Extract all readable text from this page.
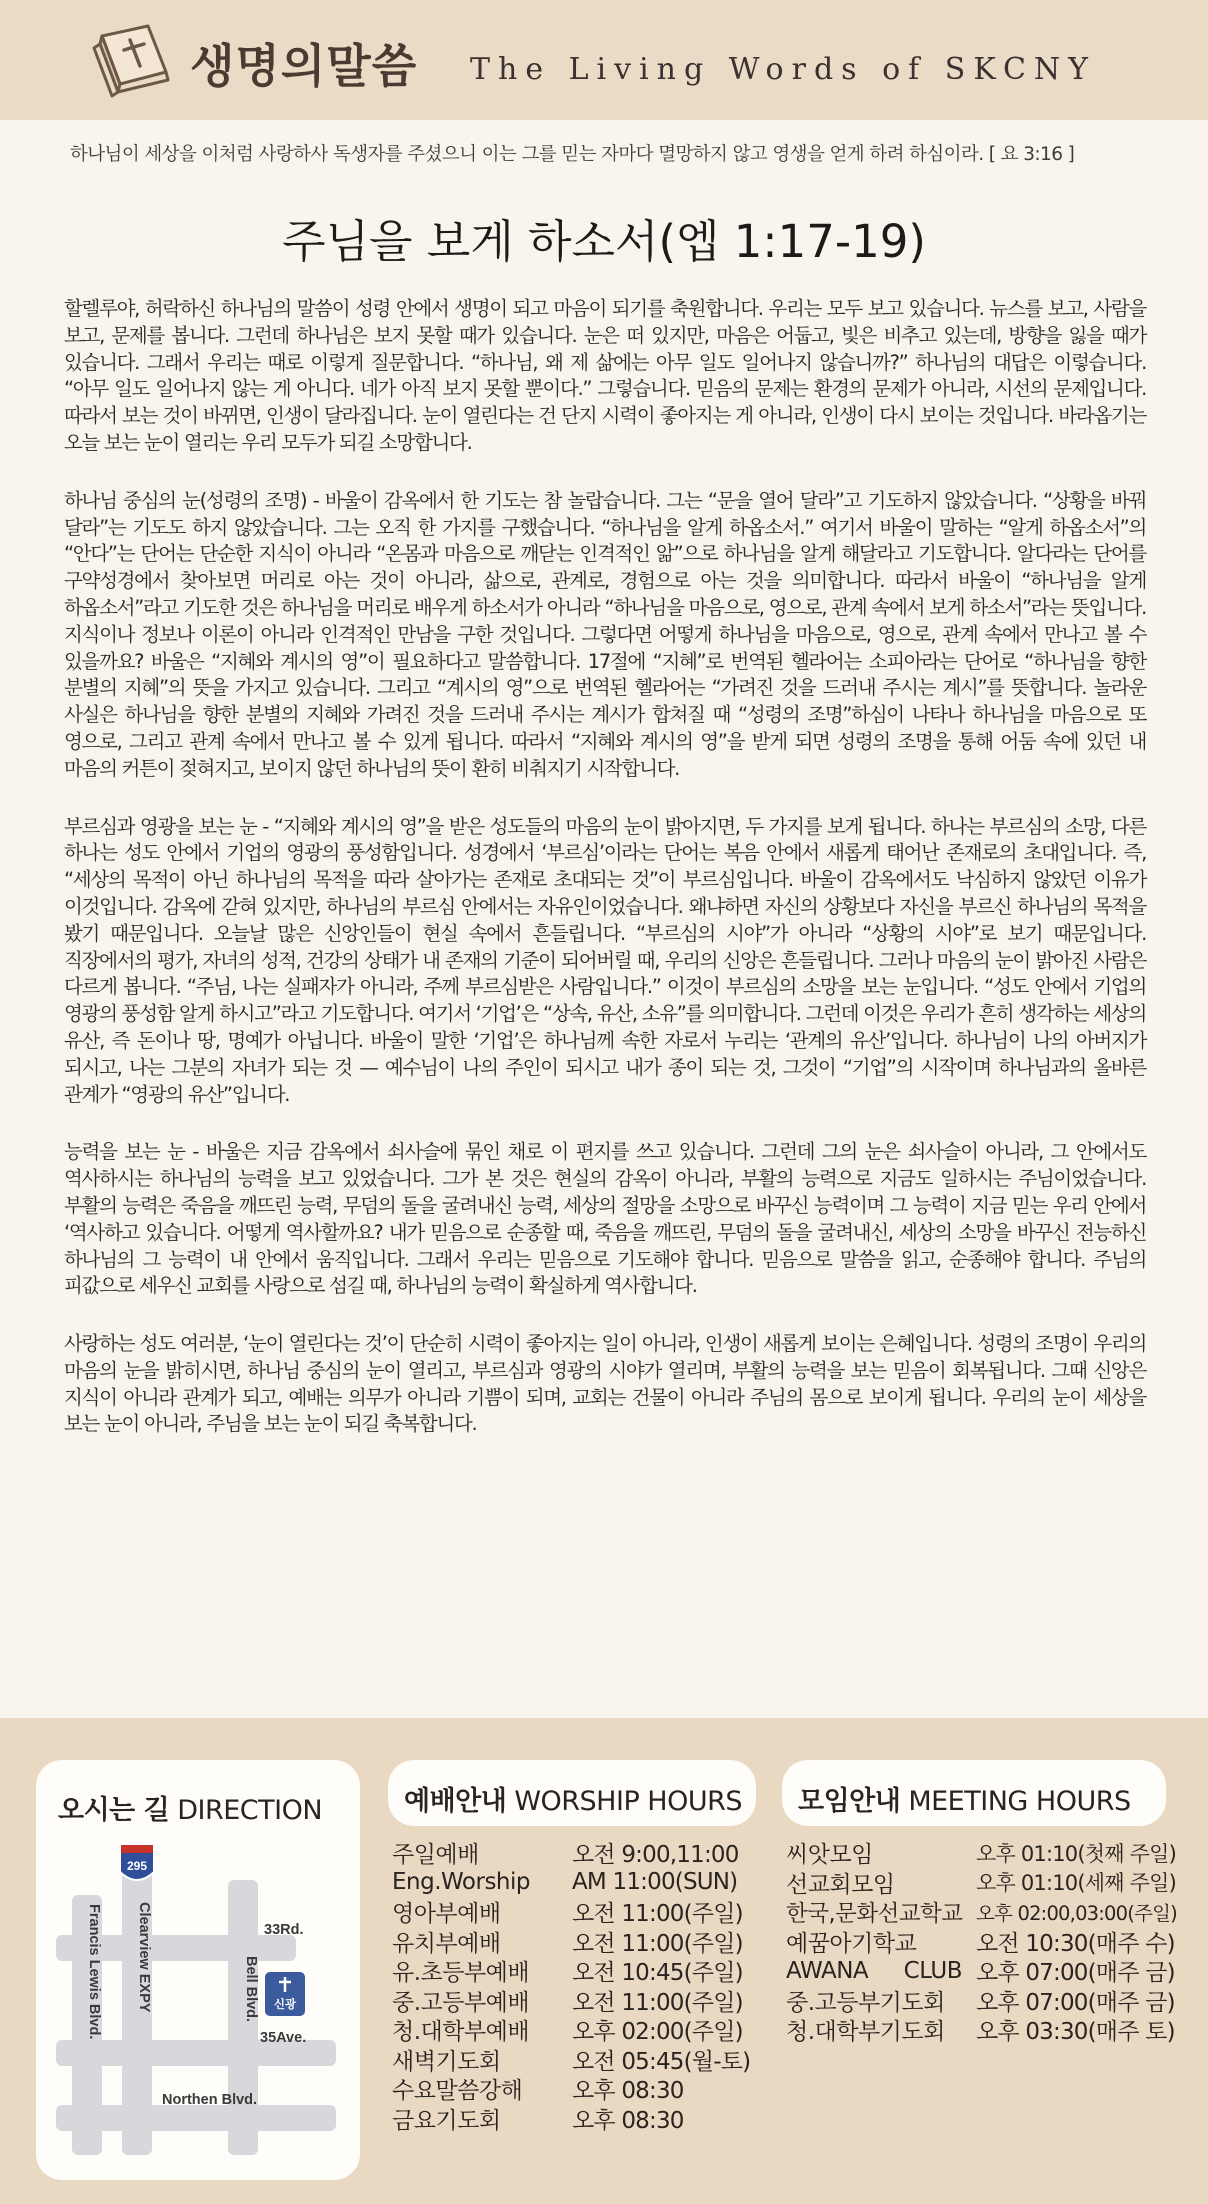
생명의말씀 The Living Words of SKCNY
하나님이 세상을 이처럼 사랑하사 독생자를 주셨으니 이는 그를 믿는 자마다 멸망하지 않고 영생을 얻게 하려 하심이라. [ 요 3:16 ]
주님을 보게 하소서(엡 1:17-19)

할렐루야, 허락하신 하나님의 말씀이 성령 안에서 생명이 되고 마음이 되기를 축원합니다. 우리는 모두 보고 있습니다. 뉴스를 보고, 사람을 보고, 문제를 봅니다. 그런데 하나님은 보지 못할 때가 있습니다. 눈은 떠 있지만, 마음은 어둡고, 빛은 비추고 있는데, 방향을 잃을 때가 있습니다. 그래서 우리는 때로 이렇게 질문합니다. “하나님, 왜 제 삶에는 아무 일도 일어나지 않습니까?” 하나님의 대답은 이렇습니다. “아무 일도 일어나지 않는 게 아니다. 네가 아직 보지 못할 뿐이다.” 그렇습니다. 믿음의 문제는 환경의 문제가 아니라, 시선의 문제입니다. 따라서 보는 것이 바뀌면, 인생이 달라집니다. 눈이 열린다는 건 단지 시력이 좋아지는 게 아니라, 인생이 다시 보이는 것입니다. 바라옵기는 오늘 보는 눈이 열리는 우리 모두가 되길 소망합니다.

하나님 중심의 눈(성령의 조명) - 바울이 감옥에서 한 기도는 참 놀랍습니다. 그는 “문을 열어 달라”고 기도하지 않았습니다. “상황을 바꿔 달라”는 기도도 하지 않았습니다. 그는 오직 한 가지를 구했습니다. “하나님을 알게 하옵소서.” 여기서 바울이 말하는 “알게 하옵소서”의 “안다”는 단어는 단순한 지식이 아니라 “온몸과 마음으로 깨닫는 인격적인 앎”으로 하나님을 알게 해달라고 기도합니다. 알다라는 단어를 구약성경에서 찾아보면 머리로 아는 것이 아니라, 삶으로, 관계로, 경험으로 아는 것을 의미합니다. 따라서 바울이 “하나님을 알게 하옵소서”라고 기도한 것은 하나님을 머리로 배우게 하소서가 아니라 “하나님을 마음으로, 영으로, 관계 속에서 보게 하소서”라는 뜻입니다. 지식이나 정보나 이론이 아니라 인격적인 만남을 구한 것입니다. 그렇다면 어떻게 하나님을 마음으로, 영으로, 관계 속에서 만나고 볼 수 있을까요? 바울은 “지혜와 계시의 영”이 필요하다고 말씀합니다. 17절에 “지혜”로 번역된 헬라어는 소피아라는 단어로 “하나님을 향한 분별의 지혜”의 뜻을 가지고 있습니다. 그리고 “계시의 영”으로 번역된 헬라어는 “가려진 것을 드러내 주시는 계시”를 뜻합니다. 놀라운 사실은 하나님을 향한 분별의 지혜와 가려진 것을 드러내 주시는 계시가 합쳐질 때 “성령의 조명”하심이 나타나 하나님을 마음으로 또 영으로, 그리고 관계 속에서 만나고 볼 수 있게 됩니다. 따라서 “지혜와 계시의 영”을 받게 되면 성령의 조명을 통해 어둠 속에 있던 내 마음의 커튼이 젖혀지고, 보이지 않던 하나님의 뜻이 환히 비춰지기 시작합니다.

부르심과 영광을 보는 눈 - “지혜와 계시의 영”을 받은 성도들의 마음의 눈이 밝아지면, 두 가지를 보게 됩니다. 하나는 부르심의 소망, 다른 하나는 성도 안에서 기업의 영광의 풍성함입니다. 성경에서 ‘부르심’이라는 단어는 복음 안에서 새롭게 태어난 존재로의 초대입니다. 즉, “세상의 목적이 아닌 하나님의 목적을 따라 살아가는 존재로 초대되는 것”이 부르심입니다. 바울이 감옥에서도 낙심하지 않았던 이유가 이것입니다. 감옥에 갇혀 있지만, 하나님의 부르심 안에서는 자유인이었습니다. 왜냐하면 자신의 상황보다 자신을 부르신 하나님의 목적을 봤기 때문입니다. 오늘날 많은 신앙인들이 현실 속에서 흔들립니다. “부르심의 시야”가 아니라 “상황의 시야”로 보기 때문입니다. 직장에서의 평가, 자녀의 성적, 건강의 상태가 내 존재의 기준이 되어버릴 때, 우리의 신앙은 흔들립니다. 그러나 마음의 눈이 밝아진 사람은 다르게 봅니다. “주님, 나는 실패자가 아니라, 주께 부르심받은 사람입니다.” 이것이 부르심의 소망을 보는 눈입니다. “성도 안에서 기업의 영광의 풍성함 알게 하시고”라고 기도합니다. 여기서 ‘기업’은 “상속, 유산, 소유”를 의미합니다. 그런데 이것은 우리가 흔히 생각하는 세상의 유산, 즉 돈이나 땅, 명예가 아닙니다. 바울이 말한 ‘기업’은 하나님께 속한 자로서 누리는 ‘관계의 유산’입니다. 하나님이 나의 아버지가 되시고, 나는 그분의 자녀가 되는 것 — 예수님이 나의 주인이 되시고 내가 종이 되는 것, 그것이 “기업”의 시작이며 하나님과의 올바른 관계가 “영광의 유산”입니다.

능력을 보는 눈 - 바울은 지금 감옥에서 쇠사슬에 묶인 채로 이 편지를 쓰고 있습니다. 그런데 그의 눈은 쇠사슬이 아니라, 그 안에서도 역사하시는 하나님의 능력을 보고 있었습니다. 그가 본 것은 현실의 감옥이 아니라, 부활의 능력으로 지금도 일하시는 주님이었습니다. 부활의 능력은 죽음을 깨뜨린 능력, 무덤의 돌을 굴려내신 능력, 세상의 절망을 소망으로 바꾸신 능력이며 그 능력이 지금 믿는 우리 안에서 ‘역사하고 있습니다. 어떻게 역사할까요? 내가 믿음으로 순종할 때, 죽음을 깨뜨린, 무덤의 돌을 굴려내신, 세상의 소망을 바꾸신 전능하신 하나님의 그 능력이 내 안에서 움직입니다. 그래서 우리는 믿음으로 기도해야 합니다. 믿음으로 말씀을 읽고, 순종해야 합니다. 주님의 피값으로 세우신 교회를 사랑으로 섬길 때, 하나님의 능력이 확실하게 역사합니다.

사랑하는 성도 여러분, ‘눈이 열린다는 것’이 단순히 시력이 좋아지는 일이 아니라, 인생이 새롭게 보이는 은혜입니다. 성령의 조명이 우리의 마음의 눈을 밝히시면, 하나님 중심의 눈이 열리고, 부르심과 영광의 시야가 열리며, 부활의 능력을 보는 믿음이 회복됩니다. 그때 신앙은 지식이 아니라 관계가 되고, 예배는 의무가 아니라 기쁨이 되며, 교회는 건물이 아니라 주님의 몸으로 보이게 됩니다. 우리의 눈이 세상을 보는 눈이 아니라, 주님을 보는 눈이 되길 축복합니다.

오시는 길 DIRECTION
295
Clearview EXPY
Francis Lewis Blvd.	Bell Blvd.
33Rd.
35Ave.
Northen Blvd.
신광
예배안내 WORSHIP HOURS
주일예배	오전 9:00,11:00
Eng.Worship	AM 11:00(SUN)
영아부예배	오전 11:00(주일)
유치부예배	오전 11:00(주일)
유.초등부예배	오전 10:45(주일)
중.고등부예배	오전 11:00(주일)
청.대학부예배	오후 02:00(주일)
새벽기도회	오전 05:45(월-토)
수요말씀강해	오후 08:30
금요기도회	오후 08:30
모임안내 MEETING HOURS
씨앗모임	오후 01:10(첫째 주일)
선교회모임	오후 01:10(세째 주일)
한국,문화선교학교 오후 02:00,03:00(주일)
예꿈아기학교	오전 10:30(매주 수)
AWANA CLUB 오후 07:00(매주 금)
중.고등부기도회	오후 07:00(매주 금)
청.대학부기도회	오후 03:30(매주 토)
